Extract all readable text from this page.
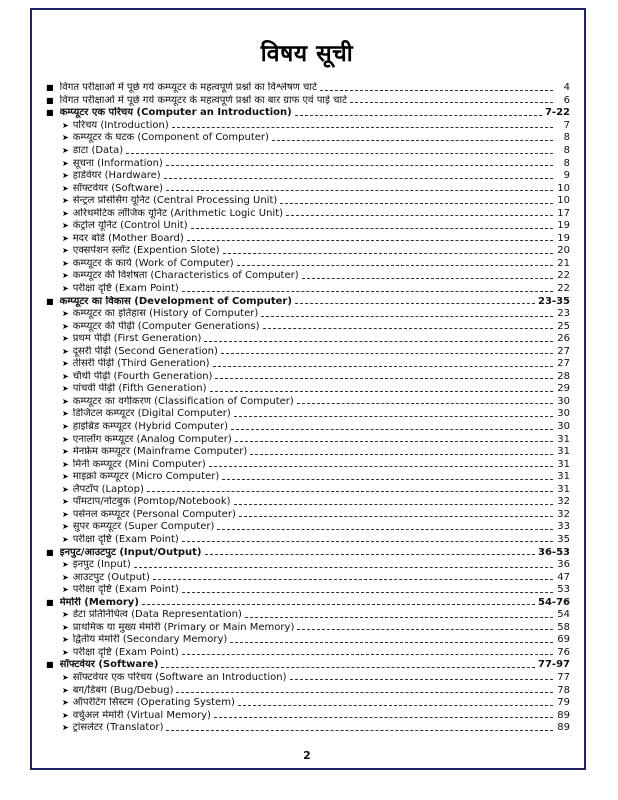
विषय सूची
■ विगत परीक्षाओं में पूछे गये कम्प्यूटर के महत्वपूर्ण प्रश्नों का विश्लेषण चार्ट	4
■ विगत परीक्षाओं में पूछे गये कम्प्यूटर के महत्वपूर्ण प्रश्नों का बार ग्राफ एवं पाई चार्ट	6
■ कम्प्यूटर एक परिचय (Computer an Introduction)	7-22
➤ परिचय (Introduction)	7
➤ कम्प्यूटर के घटक (Component of Computer)	8
➤ डाटा (Data)	8
➤ सूचना (Information)	8
➤ हार्डवेयर (Hardware)	9
➤ सॉफ्टवेयर (Software)	10
➤ सेन्ट्रल प्रोसेसिंग यूनिट (Central Processing Unit)	10
➤ अरिथमेटिक लॉजिक यूनिट (Arithmetic Logic Unit)	17
➤ कंट्रोल यूनिट (Control Unit)	19
➤ मदर बोर्ड (Mother Board)	19
➤ एक्सपेंशन स्लॉट (Expention Slote)	20
➤ कम्प्यूटर के कार्य (Work of Computer)	21
➤ कम्प्यूटर की विशेषता (Characteristics of Computer)	22
➤ परीक्षा दृष्टि (Exam Point)	22
■ कम्प्यूटर का विकास (Development of Computer)	23-35
➤ कम्प्यूटर का इतिहास (History of Computer)	23
➤ कम्प्यूटर की पीढ़ी (Computer Generations)	25
➤ प्रथम पीढ़ी (First Generation)	26
➤ दूसरी पीढ़ी (Second Generation)	27
➤ तीसरी पीढ़ी (Third Generation)	27
➤ चौथी पीढ़ी (Fourth Generation)	28
➤ पांचवीं पीढ़ी (Fifth Generation)	29
➤ कम्प्यूटर का वर्गीकरण (Classification of Computer)	30
➤ डिजिटल कम्प्यूटर (Digital Computer)	30
➤ हाइब्रिड कम्प्यूटर (Hybrid Computer)	30
➤ एनालॉग कम्प्यूटर (Analog Computer)	31
➤ मेनफ्रेम कम्प्यूटर (Mainframe Computer)	31
➤ मिनी कम्प्यूटर (Mini Computer)	31
➤ माइक्रो कम्प्यूटर (Micro Computer)	31
➤ लैपटॉप (Laptop)	31
➤ पॉमटाप/नोटबुक (Pomtop/Notebook)	32
➤ पर्सनल कम्प्यूटर (Personal Computer)	32
➤ सुपर कम्प्यूटर (Super Computer)	33
➤ परीक्षा दृष्टि (Exam Point)	35
■ इनपुट/आउटपुट (Input/Output)	36-53
➤ इनपुट (Input)	36
➤ आउटपुट (Output)	47
➤ परीक्षा दृष्टि (Exam Point)	53
■ मेमोरी (Memory)	54-76
➤ डेटा प्रतिनिधित्व (Data Representation)	54
➤ प्राथमिक या मुख्य मेमोरी (Primary or Main Memory)	58
➤ द्वितीय मेमोरी (Secondary Memory)	69
➤ परीक्षा दृष्टि (Exam Point)	76
■ सॉफ्टवेयर (Software)	77-97
➤ सॉफ्टवेयर एक परिचय (Software an Introduction)	77
➤ बग/डिबग (Bug/Debug)	78
➤ ऑपरेटिंग सिस्टम (Operating System)	79
➤ वर्चुअल मेमोरी (Virtual Memory)	89
➤ ट्रांसलेटर (Translator)	89
2
